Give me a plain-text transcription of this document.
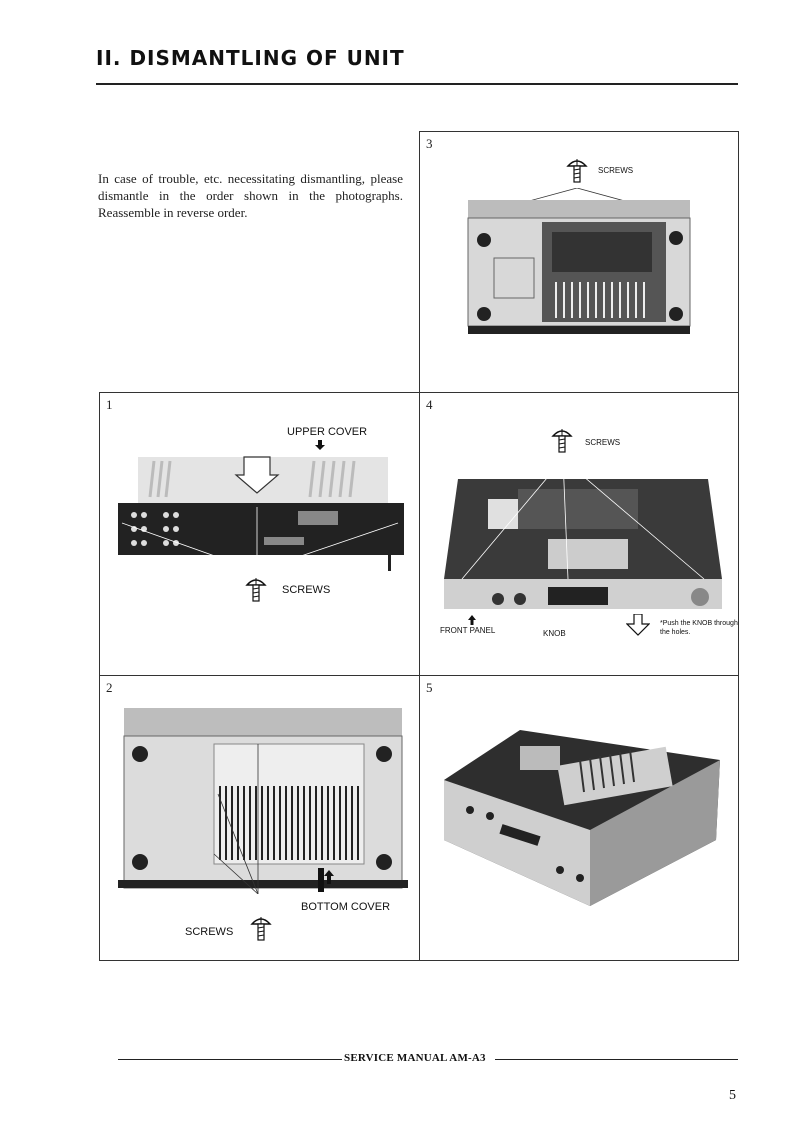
II. DISMANTLING OF UNIT
In case of trouble, etc. necessitating dismantling, please dismantle in the order shown in the photographs. Reassemble in reverse order.
3
SCREWS
1
UPPER COVER
SCREWS
4
SCREWS
FRONT PANEL	KNOB
*Push the KNOB through the holes.
2
BOTTOM COVER
SCREWS
5
SERVICE MANUAL AM-A3
5
